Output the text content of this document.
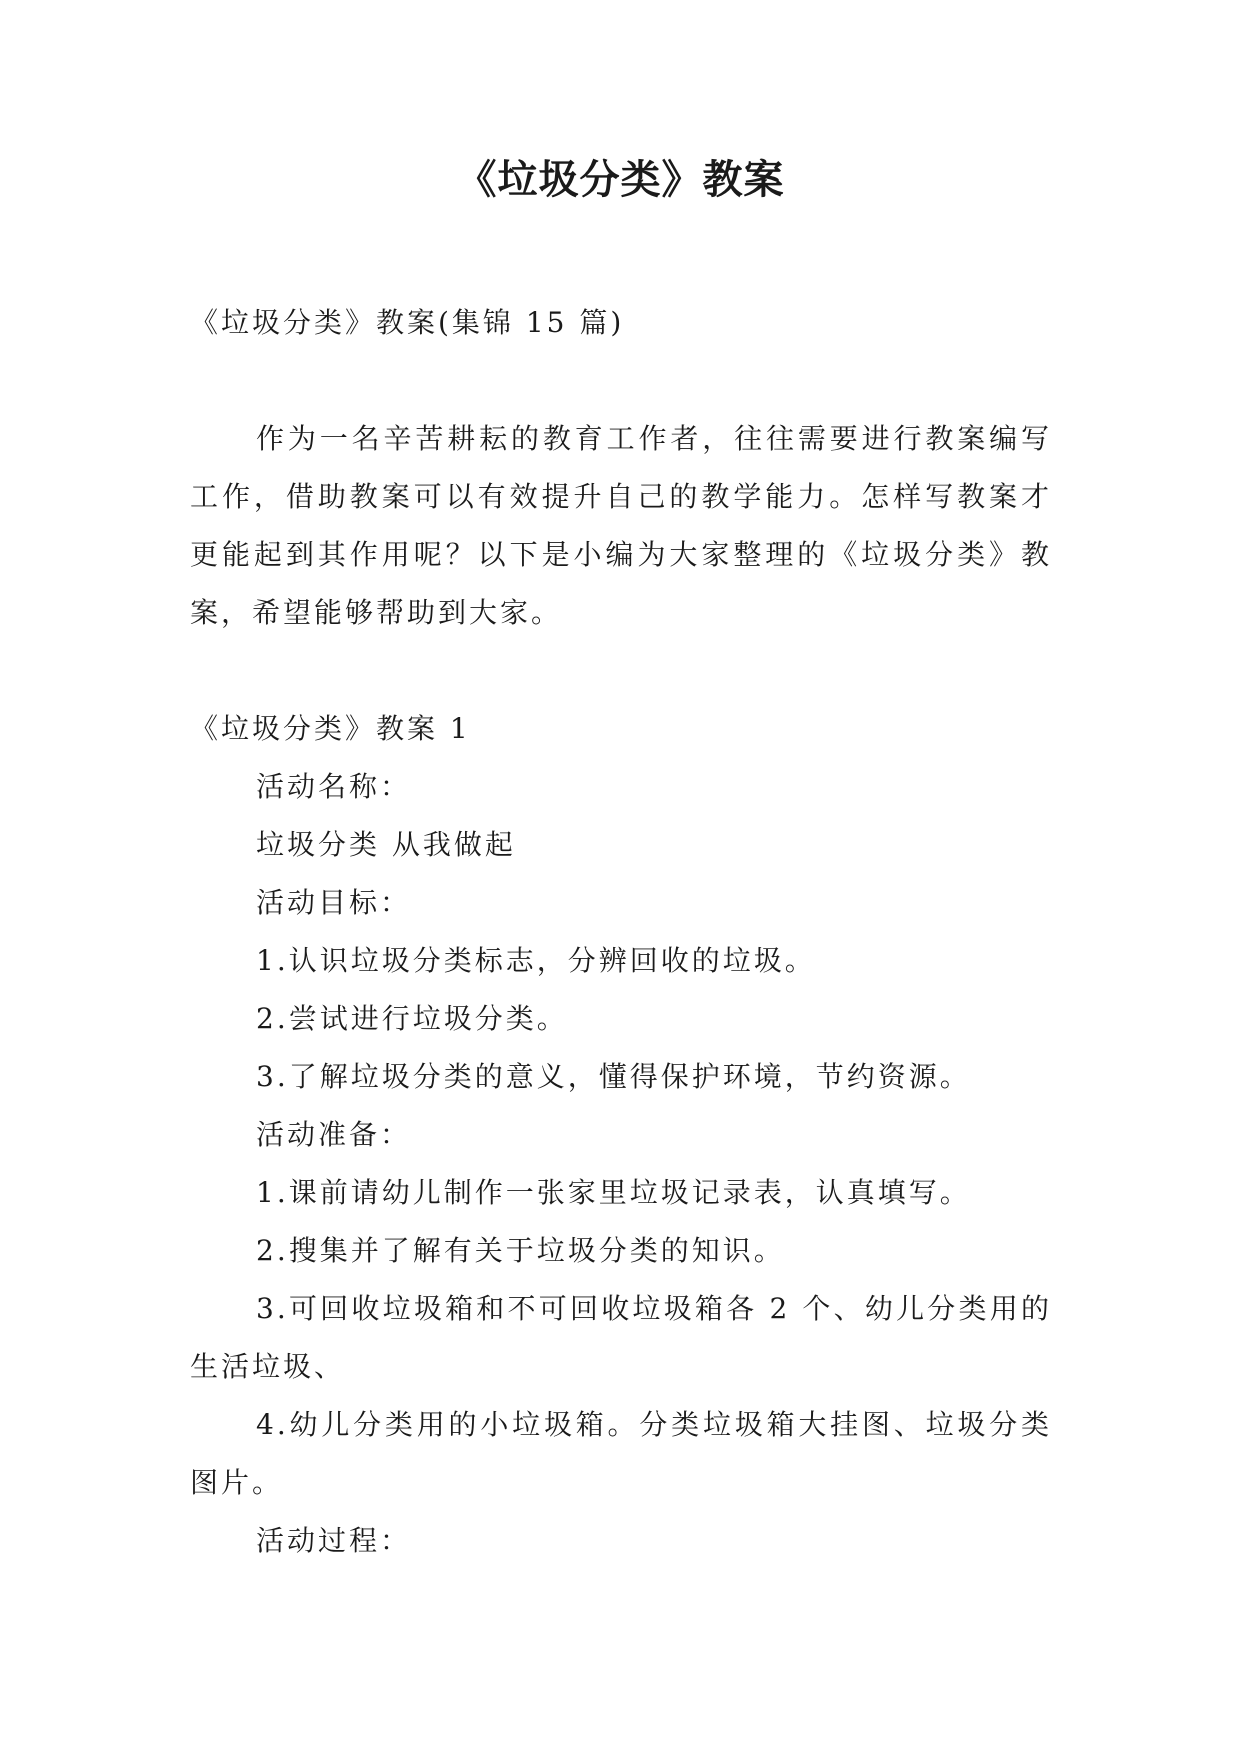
《垃圾分类》教案

《垃圾分类》教案(集锦 15 篇)

作为一名辛苦耕耘的教育工作者，往往需要进行教案编写工作，借助教案可以有效提升自己的教学能力。怎样写教案才更能起到其作用呢？以下是小编为大家整理的《垃圾分类》教案，希望能够帮助到大家。

《垃圾分类》教案 1

活动名称：

垃圾分类 从我做起

活动目标：

1.认识垃圾分类标志，分辨回收的垃圾。

2.尝试进行垃圾分类。

3.了解垃圾分类的意义，懂得保护环境，节约资源。

活动准备：

1.课前请幼儿制作一张家里垃圾记录表，认真填写。

2.搜集并了解有关于垃圾分类的知识。

3.可回收垃圾箱和不可回收垃圾箱各 2 个、幼儿分类用的生活垃圾、

4.幼儿分类用的小垃圾箱。分类垃圾箱大挂图、垃圾分类图片。

活动过程：
